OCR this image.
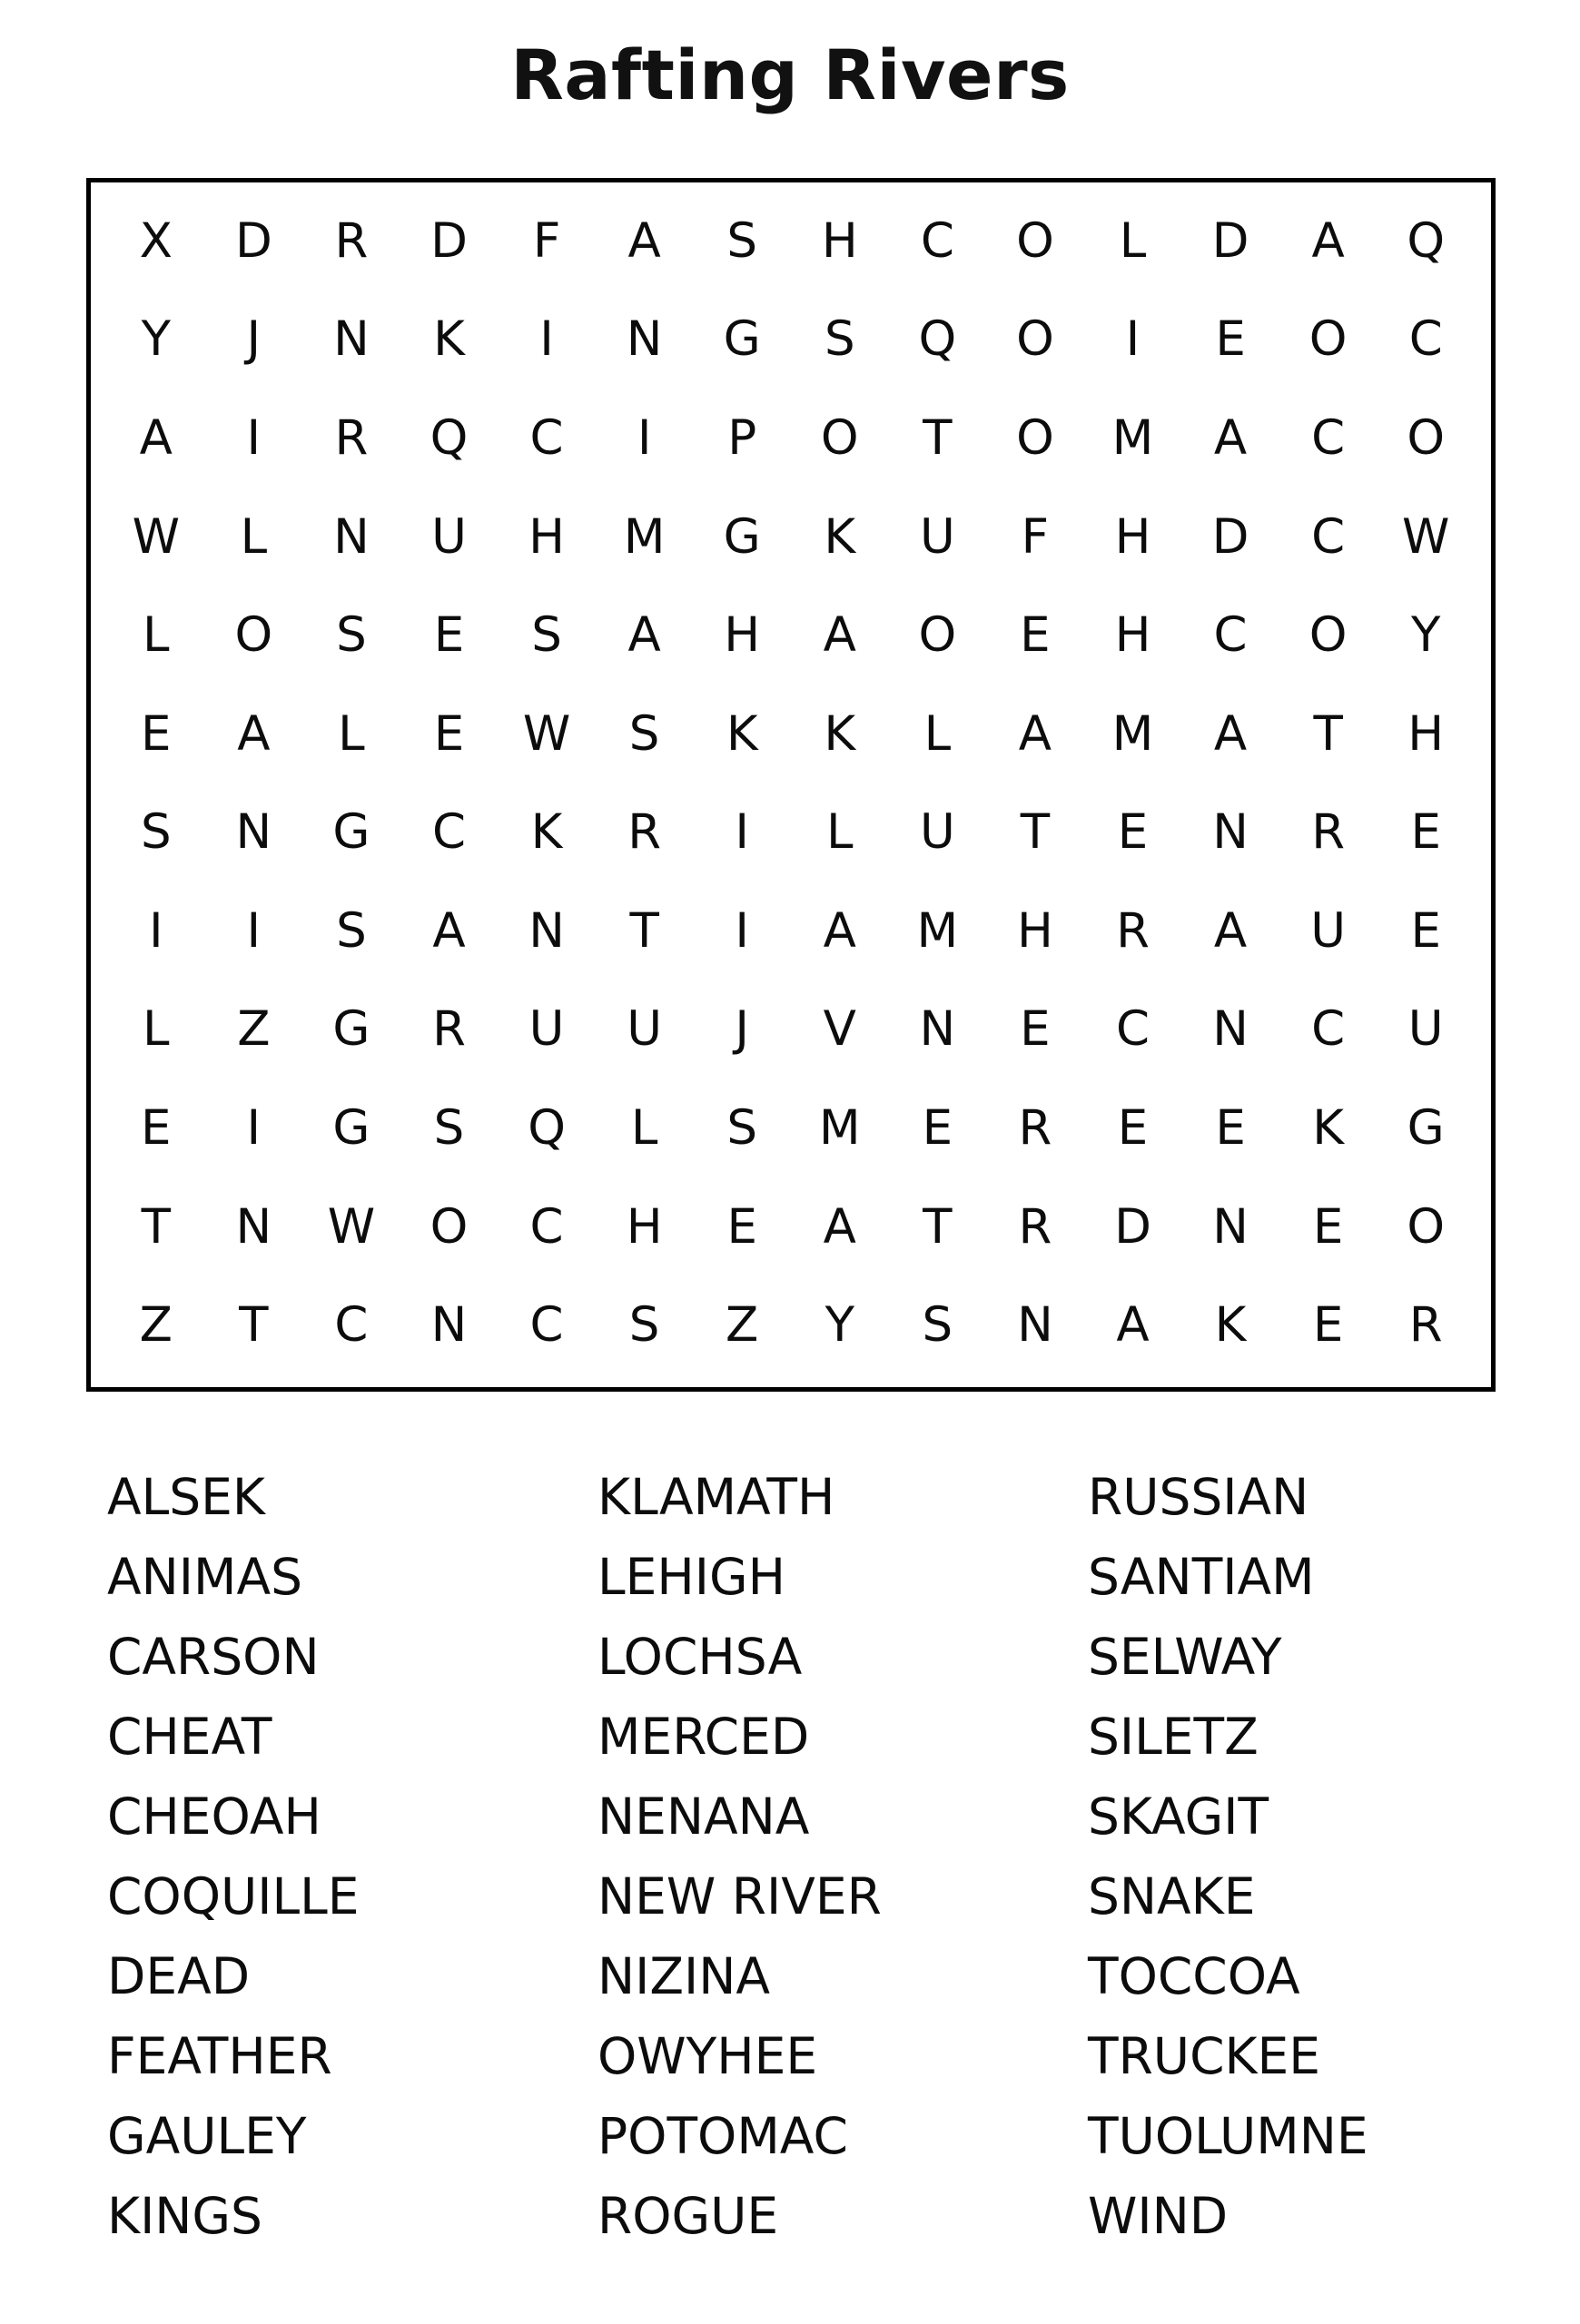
Rafting Rivers
X	D	R	D	F	A	S	H	C	O	L	D	A	Q
Y	J	N	K	I	N	G	S	Q	O	I	E	O	C
A	I	R	Q	C	I	P	O	T	O	M	A	C	O
W	L	N	U	H	M	G	K	U	F	H	D	C	W
L	O	S	E	S	A	H	A	O	E	H	C	O	Y
E	A	L	E	W	S	K	K	L	A	M	A	T	H
S	N	G	C	K	R	I	L	U	T	E	N	R	E
I	I	S	A	N	T	I	A	M	H	R	A	U	E
L	Z	G	R	U	U	J	V	N	E	C	N	C	U
E	I	G	S	Q	L	S	M	E	R	E	E	K	G
T	N	W	O	C	H	E	A	T	R	D	N	E	O
Z	T	C	N	C	S	Z	Y	S	N	A	K	E	R
ALSEK
ANIMAS
CARSON
CHEAT
CHEOAH
COQUILLE
DEAD
FEATHER
GAULEY
KINGS
KLAMATH
LEHIGH
LOCHSA
MERCED
NENANA
NEW RIVER
NIZINA
OWYHEE
POTOMAC
ROGUE
RUSSIAN
SANTIAM
SELWAY
SILETZ
SKAGIT
SNAKE
TOCCOA
TRUCKEE
TUOLUMNE
WIND
